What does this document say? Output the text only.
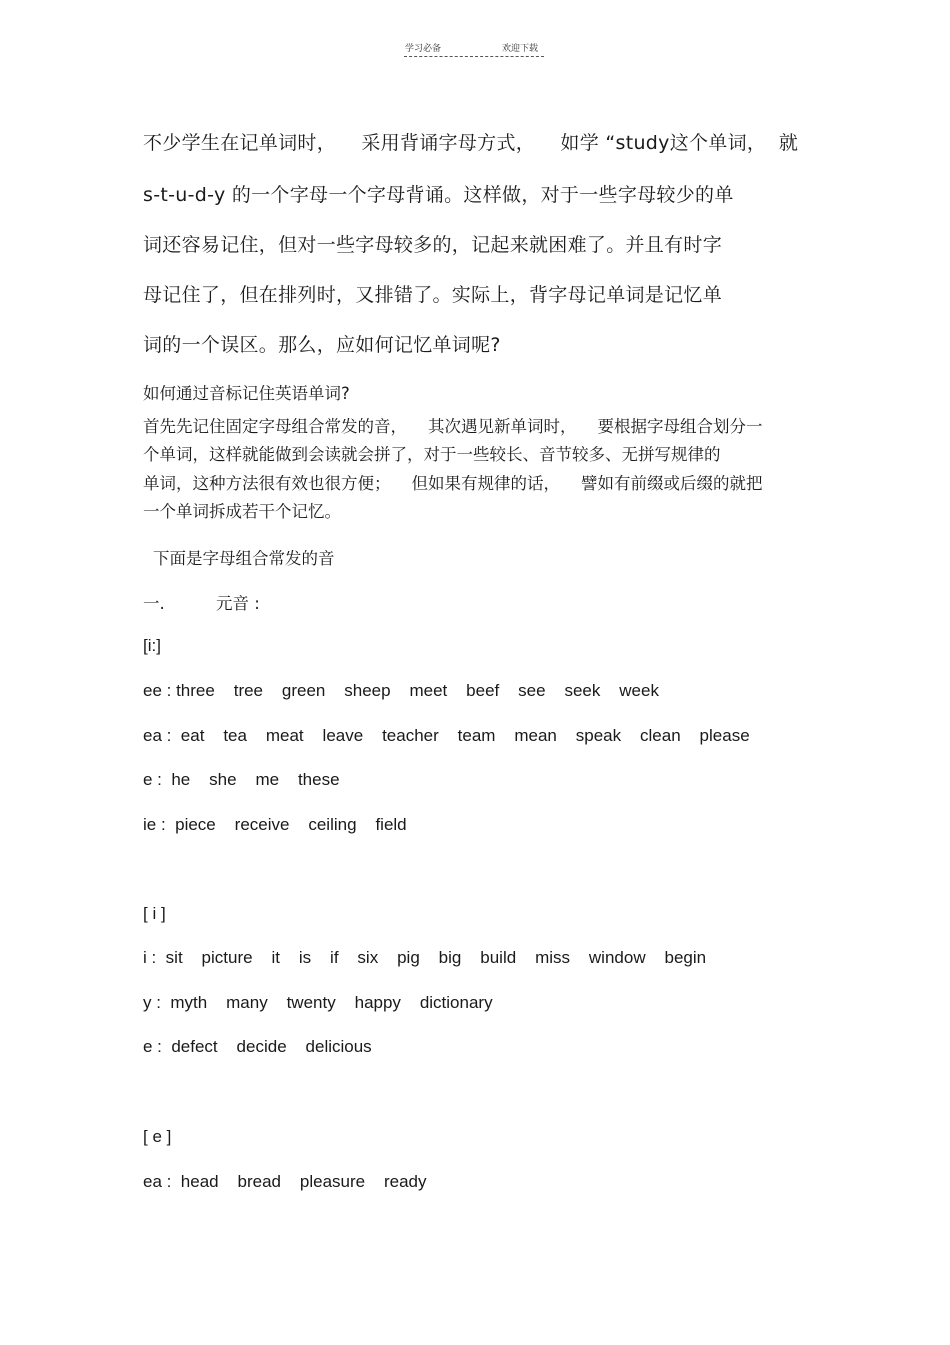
学习必备	欢迎下载
不少学生在记单词时，    采用背诵字母方式，    如学 “study这个单词，  就
s-t-u-d-y 的一个字母一个字母背诵。这样做，对于一些字母较少的单
词还容易记住，但对一些字母较多的，记起来就困难了。并且有时字
母记住了，但在排列时，又排错了。实际上，背字母记单词是记忆单
词的一个误区。那么，应如何记忆单词呢?
如何通过音标记住英语单词?
首先先记住固定字母组合常发的音，    其次遇见新单词时，    要根据字母组合划分一
个单词，这样就能做到会读就会拼了，对于一些较长、音节较多、无拼写规律的
单词，这种方法很有效也很方便；    但如果有规律的话，    譬如有前缀或后缀的就把
一个单词拆成若干个记忆。
下面是字母组合常发的音
一.	元音 :
[i:]
ee : three    tree    green    sheep    meet    beef    see    seek    week
ea :  eat    tea    meat    leave    teacher    team    mean    speak    clean    please
e :  he    she    me    these
ie :  piece    receive    ceiling    field
[ i ]
i :  sit    picture    it    is    if    six    pig    big    build    miss    window    begin
y :  myth    many    twenty    happy    dictionary
e :  defect    decide    delicious
[ e ]
ea :  head    bread    pleasure    ready
